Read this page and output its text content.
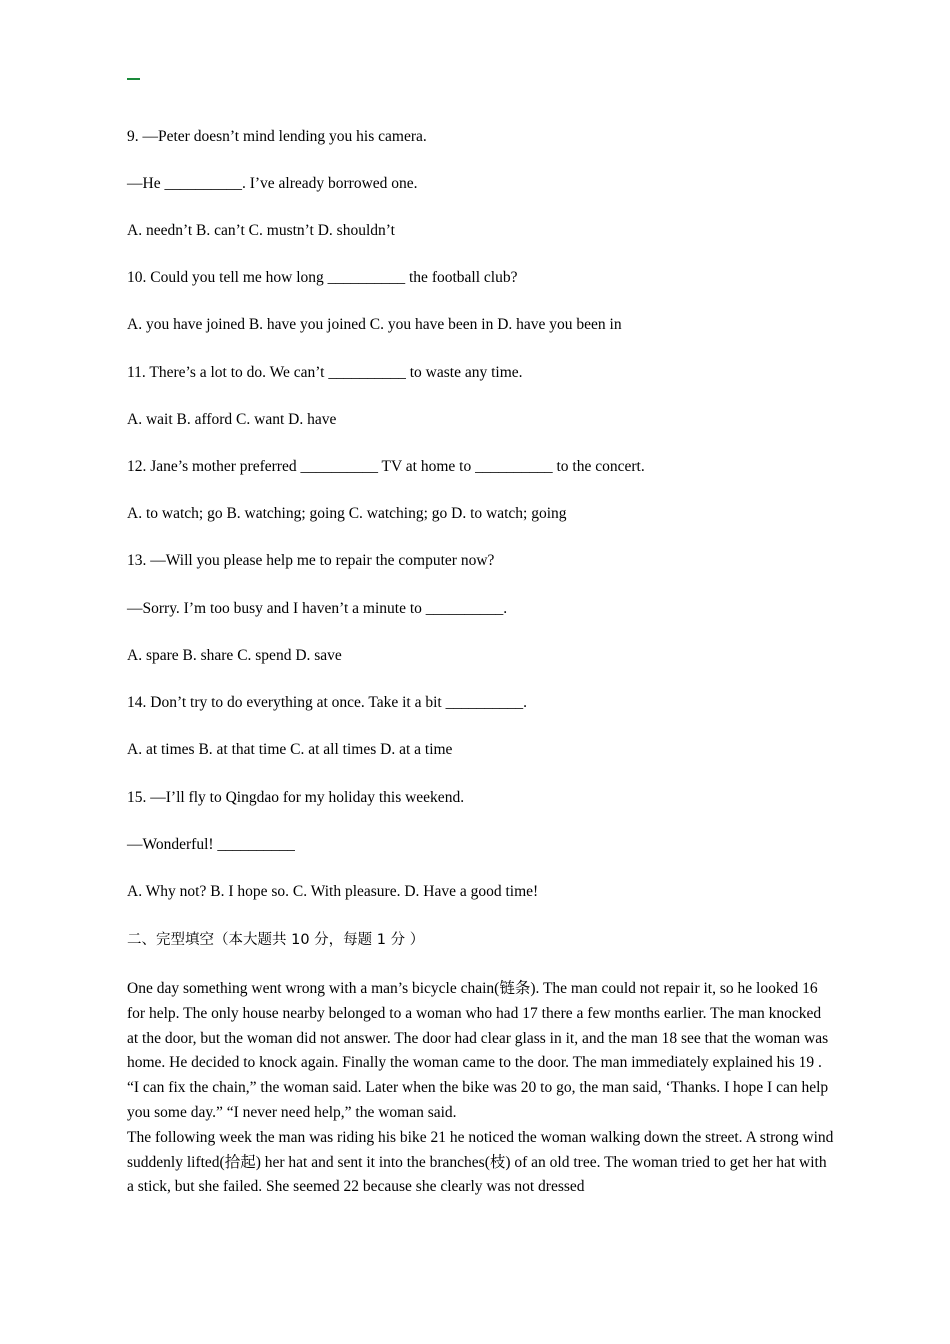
9. —Peter doesn’t mind lending you his camera.
—He __________. I’ve already borrowed one.
A. needn’t B. can’t C. mustn’t D. shouldn’t
10. Could you tell me how long __________ the football club?
A. you have joined B. have you joined C. you have been in D. have you been in
11. There’s a lot to do. We can’t __________ to waste any time.
A. wait B. afford C. want D. have
12. Jane’s mother preferred __________ TV at home to __________ to the concert.
A. to watch; go B. watching; going C. watching; go D. to watch; going
13. —Will you please help me to repair the computer now?
—Sorry. I’m too busy and I haven’t a minute to __________.
A. spare B. share C. spend D. save
14. Don’t try to do everything at once. Take it a bit __________.
A. at times B. at that time C. at all times D. at a time
15. —I’ll fly to Qingdao for my holiday this weekend.
—Wonderful! __________
A. Why not? B. I hope so. C. With pleasure. D. Have a good time!
二、完型填空（本大题共 10 分，每题 1 分 ）

One day something went wrong with a man’s bicycle chain(链条). The man could not repair it, so he looked 16 for help. The only house nearby belonged to a woman who had 17 there a few months earlier. The man knocked at the door, but the woman did not answer. The door had clear glass in it, and the man 18 see that the woman was home. He decided to knock again. Finally the woman came to the door. The man immediately explained his 19 . “I can fix the chain,” the woman said. Later when the bike was 20 to go, the man said, ‘Thanks. I hope I can help you some day.” “I never need help,” the woman said.

The following week the man was riding his bike 21 he noticed the woman walking down the street. A strong wind suddenly lifted(拾起) her hat and sent it into the branches(枝) of an old tree. The woman tried to get her hat with a stick, but she failed. She seemed 22 because she clearly was not dressed
